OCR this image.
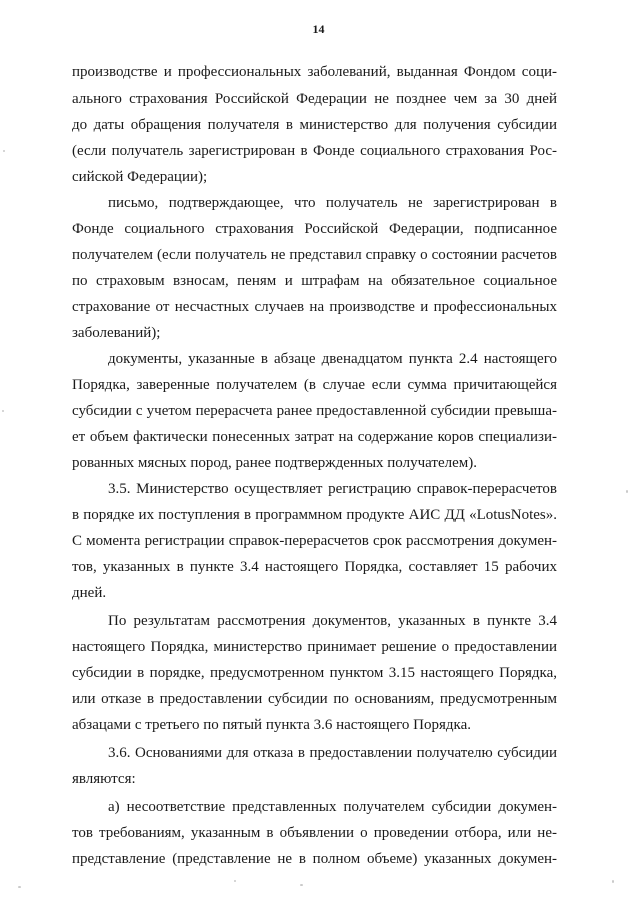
14
производстве и профессиональных заболеваний, выданная Фондом соци-
ального страхования Российской Федерации не позднее чем за 30 дней
до даты обращения получателя в министерство для получения субсидии
(если получатель зарегистрирован в Фонде социального страхования Рос-
сийской Федерации);
письмо, подтверждающее, что получатель не зарегистрирован в
Фонде социального страхования Российской Федерации, подписанное
получателем (если получатель не представил справку о состоянии расчетов
по страховым взносам, пеням и штрафам на обязательное социальное
страхование от несчастных случаев на производстве и профессиональных
заболеваний);
документы, указанные в абзаце двенадцатом пункта 2.4 настоящего
Порядка, заверенные получателем (в случае если сумма причитающейся
субсидии с учетом перерасчета ранее предоставленной субсидии превыша-
ет объем фактически понесенных затрат на содержание коров специализи-
рованных мясных пород, ранее подтвержденных получателем).
3.5. Министерство осуществляет регистрацию справок-перерасчетов
в порядке их поступления в программном продукте АИС ДД «LotusNotes».
С момента регистрации справок-перерасчетов срок рассмотрения докумен-
тов, указанных в пункте 3.4 настоящего Порядка, составляет 15 рабочих
дней.
По результатам рассмотрения документов, указанных в пункте 3.4
настоящего Порядка, министерство принимает решение о предоставлении
субсидии в порядке, предусмотренном пунктом 3.15 настоящего Порядка,
или отказе в предоставлении субсидии по основаниям, предусмотренным
абзацами с третьего по пятый пункта 3.6 настоящего Порядка.
3.6. Основаниями для отказа в предоставлении получателю субсидии
являются:
а) несоответствие представленных получателем субсидии докумен-
тов требованиям, указанным в объявлении о проведении отбора, или не-
представление (представление не в полном объеме) указанных докумен-
